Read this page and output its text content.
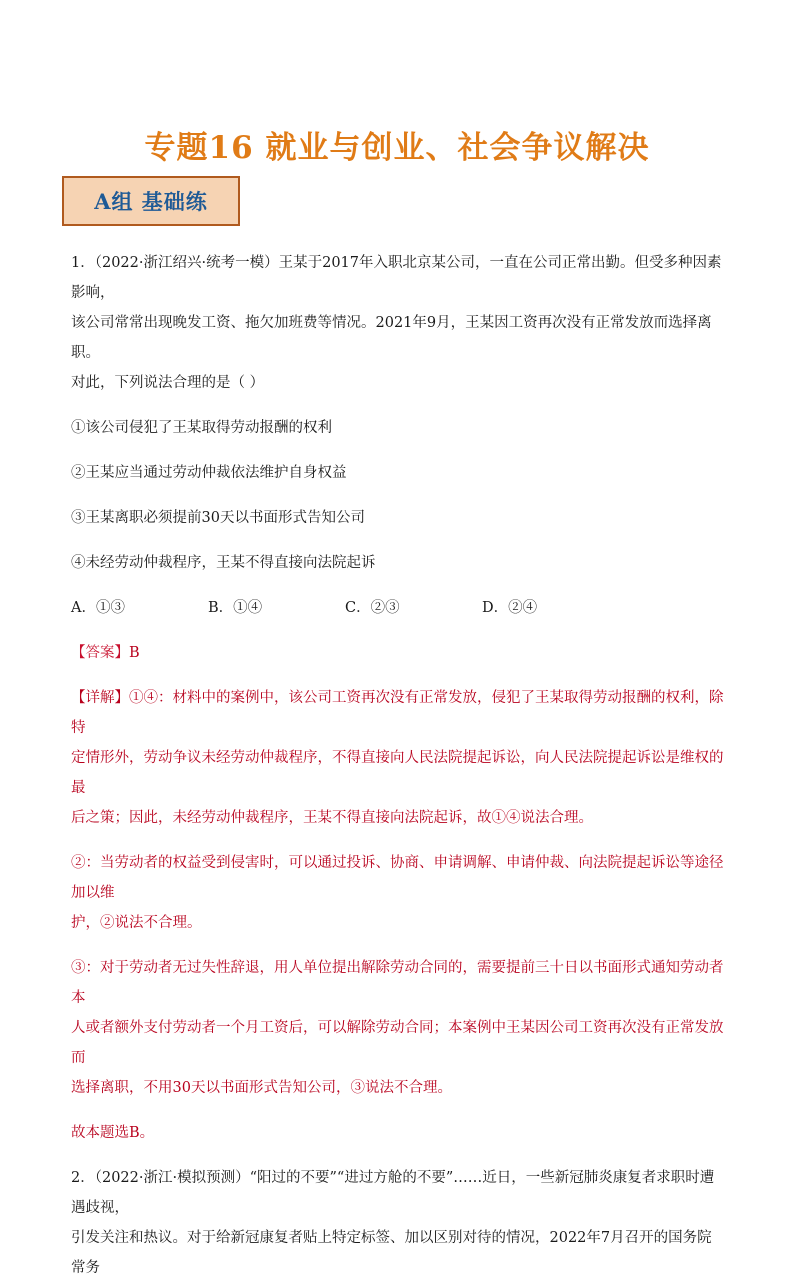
专题16 就业与创业、社会争议解决
A组 基础练

1．（2022·浙江绍兴·统考一模）王某于2017年入职北京某公司，一直在公司正常出勤。但受多种因素影响，

该公司常常出现晚发工资、拖欠加班费等情况。2021年9月，王某因工资再次没有正常发放而选择离职。

对此，下列说法合理的是（ ）

①该公司侵犯了王某取得劳动报酬的权利

②王某应当通过劳动仲裁依法维护自身权益

③王某离职必须提前30天以书面形式告知公司

④未经劳动仲裁程序，王某不得直接向法院起诉

A．①③	B．①④	C．②③	D．②④

【答案】B

【详解】①④：材料中的案例中，该公司工资再次没有正常发放，侵犯了王某取得劳动报酬的权利，除特

定情形外，劳动争议未经劳动仲裁程序，不得直接向人民法院提起诉讼，向人民法院提起诉讼是维权的最

后之策；因此，未经劳动仲裁程序，王某不得直接向法院起诉，故①④说法合理。

②：当劳动者的权益受到侵害时，可以通过投诉、协商、申请调解、申请仲裁、向法院提起诉讼等途径加以维

护，②说法不合理。

③：对于劳动者无过失性辞退，用人单位提出解除劳动合同的，需要提前三十日以书面形式通知劳动者本

人或者额外支付劳动者一个月工资后，可以解除劳动合同；本案例中王某因公司工资再次没有正常发放而

选择离职，不用30天以书面形式告知公司，③说法不合理。

故本题选B。

2．（2022·浙江·模拟预测）“阳过的不要”“进过方舱的不要”……近日，一些新冠肺炎康复者求职时遭遇歧视，

引发关注和热议。对于给新冠康复者贴上特定标签、加以区别对待的情况，2022年7月召开的国务院常务
